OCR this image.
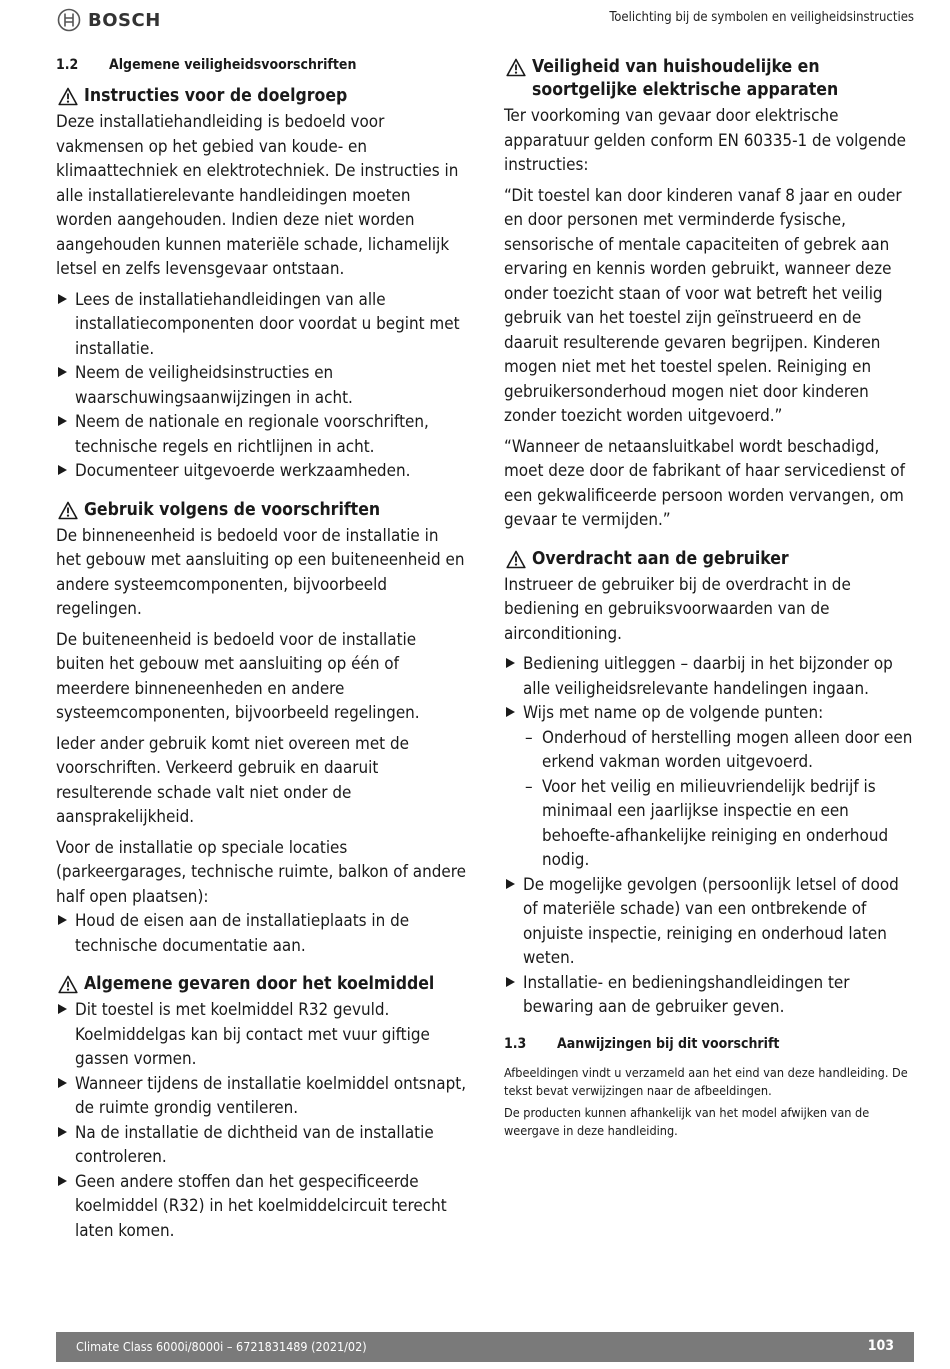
BOSCH	Toelichting bij de symbolen en veiligheidsinstructies
1.2	Algemene veiligheidsvoorschriften
Instructies voor de doelgroep

Deze installatiehandleiding is bedoeld voor vakmensen op het gebied van koude- en klimaattechniek en elektrotechniek. De instructies in alle installatierelevante handleidingen moeten worden aangehouden. Indien deze niet worden aangehouden kunnen materiële schade, lichamelijk letsel en zelfs levensgevaar ontstaan.

Lees de installatiehandleidingen van alle installatiecomponenten door voordat u begint met installatie.
Neem de veiligheidsinstructies en waarschuwingsaanwijzingen in acht.
Neem de nationale en regionale voorschriften, technische regels en richtlijnen in acht.
Documenteer uitgevoerde werkzaamheden.
Gebruik volgens de voorschriften

De binneneenheid is bedoeld voor de installatie in het gebouw met aansluiting op een buiteneenheid en andere systeemcomponenten, bijvoorbeeld regelingen.

De buiteneenheid is bedoeld voor de installatie buiten het gebouw met aansluiting op één of meerdere binneneenheden en andere systeemcomponenten, bijvoorbeeld regelingen.

Ieder ander gebruik komt niet overeen met de voorschriften. Verkeerd gebruik en daaruit resulterende schade valt niet onder de aansprakelijkheid.

Voor de installatie op speciale locaties (parkeergarages, technische ruimte, balkon of andere half open plaatsen):

Houd de eisen aan de installatieplaats in de technische documentatie aan.
Algemene gevaren door het koelmiddel
Dit toestel is met koelmiddel R32 gevuld. Koelmiddelgas kan bij contact met vuur giftige gassen vormen.
Wanneer tijdens de installatie koelmiddel ontsnapt, de ruimte grondig ventileren.
Na de installatie de dichtheid van de installatie controleren.
Geen andere stoffen dan het gespecificeerde koelmiddel (R32) in het koelmiddelcircuit terecht laten komen.
Veiligheid van huishoudelijke en soortgelijke elektrische apparaten

Ter voorkoming van gevaar door elektrische apparatuur gelden conform EN 60335-1 de volgende instructies:

“Dit toestel kan door kinderen vanaf 8 jaar en ouder en door personen met verminderde fysische, sensorische of mentale capaciteiten of gebrek aan ervaring en kennis worden gebruikt, wanneer deze onder toezicht staan of voor wat betreft het veilig gebruik van het toestel zijn geïnstrueerd en de daaruit resulterende gevaren begrijpen. Kinderen mogen niet met het toestel spelen. Reiniging en gebruikersonderhoud mogen niet door kinderen zonder toezicht worden uitgevoerd.”

“Wanneer de netaansluitkabel wordt beschadigd, moet deze door de fabrikant of haar servicedienst of een gekwalificeerde persoon worden vervangen, om gevaar te vermijden.”

Overdracht aan de gebruiker

Instrueer de gebruiker bij de overdracht in de bediening en gebruiksvoorwaarden van de airconditioning.

Bediening uitleggen – daarbij in het bijzonder op alle veiligheidsrelevante handelingen ingaan.
Wijs met name op de volgende punten:
– Onderhoud of herstelling mogen alleen door een erkend vakman worden uitgevoerd.
– Voor het veilig en milieuvriendelijk bedrijf is minimaal een jaarlijkse inspectie en een behoefte-afhankelijke reiniging en onderhoud nodig.
De mogelijke gevolgen (persoonlijk letsel of dood of materiële schade) van een ontbrekende of onjuiste inspectie, reiniging en onderhoud laten weten.
Installatie- en bedieningshandleidingen ter bewaring aan de gebruiker geven.
1.3	Aanwijzingen bij dit voorschrift

Afbeeldingen vindt u verzameld aan het eind van deze handleiding. De tekst bevat verwijzingen naar de afbeeldingen.

De producten kunnen afhankelijk van het model afwijken van de weergave in deze handleiding.

Climate Class 6000i/8000i – 6721831489 (2021/02)	103
